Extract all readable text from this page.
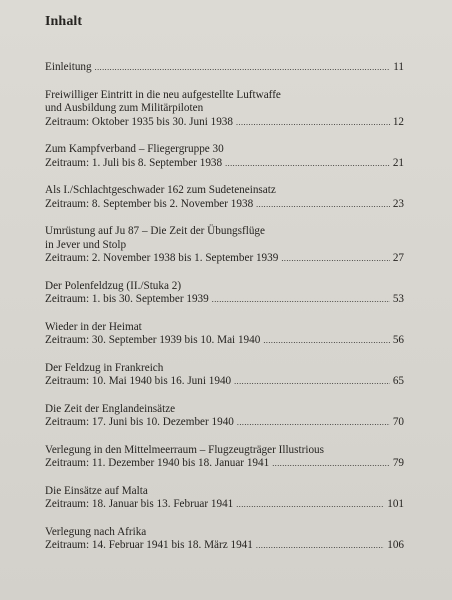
Inhalt
Einleitung .....	11
Freiwilliger Eintritt in die neu aufgestellte Luftwaffe
und Ausbildung zum Militärpiloten
Zeitraum: Oktober 1935 bis 30. Juni 1938 .....	12
Zum Kampfverband – Fliegergruppe 30
Zeitraum: 1. Juli bis 8. September 1938 .....	21
Als I./Schlachtgeschwader 162 zum Sudeteneinsatz
Zeitraum: 8. September bis 2. November 1938 .....	23
Umrüstung auf Ju 87 – Die Zeit der Übungsflüge
in Jever und Stolp
Zeitraum: 2. November 1938 bis 1. September 1939 .....	27
Der Polenfeldzug (II./Stuka 2)
Zeitraum: 1. bis 30. September 1939 .....	53
Wieder in der Heimat
Zeitraum: 30. September 1939 bis 10. Mai 1940 .....	56
Der Feldzug in Frankreich
Zeitraum: 10. Mai 1940 bis 16. Juni 1940 .....	65
Die Zeit der Englandeinsätze
Zeitraum: 17. Juni bis 10. Dezember 1940 .....	70
Verlegung in den Mittelmeerraum – Flugzeugträger Illustrious
Zeitraum: 11. Dezember 1940 bis 18. Januar 1941 .....	79
Die Einsätze auf Malta
Zeitraum: 18. Januar bis 13. Februar 1941 .....	101
Verlegung nach Afrika
Zeitraum: 14. Februar 1941 bis 18. März 1941 .....	106
